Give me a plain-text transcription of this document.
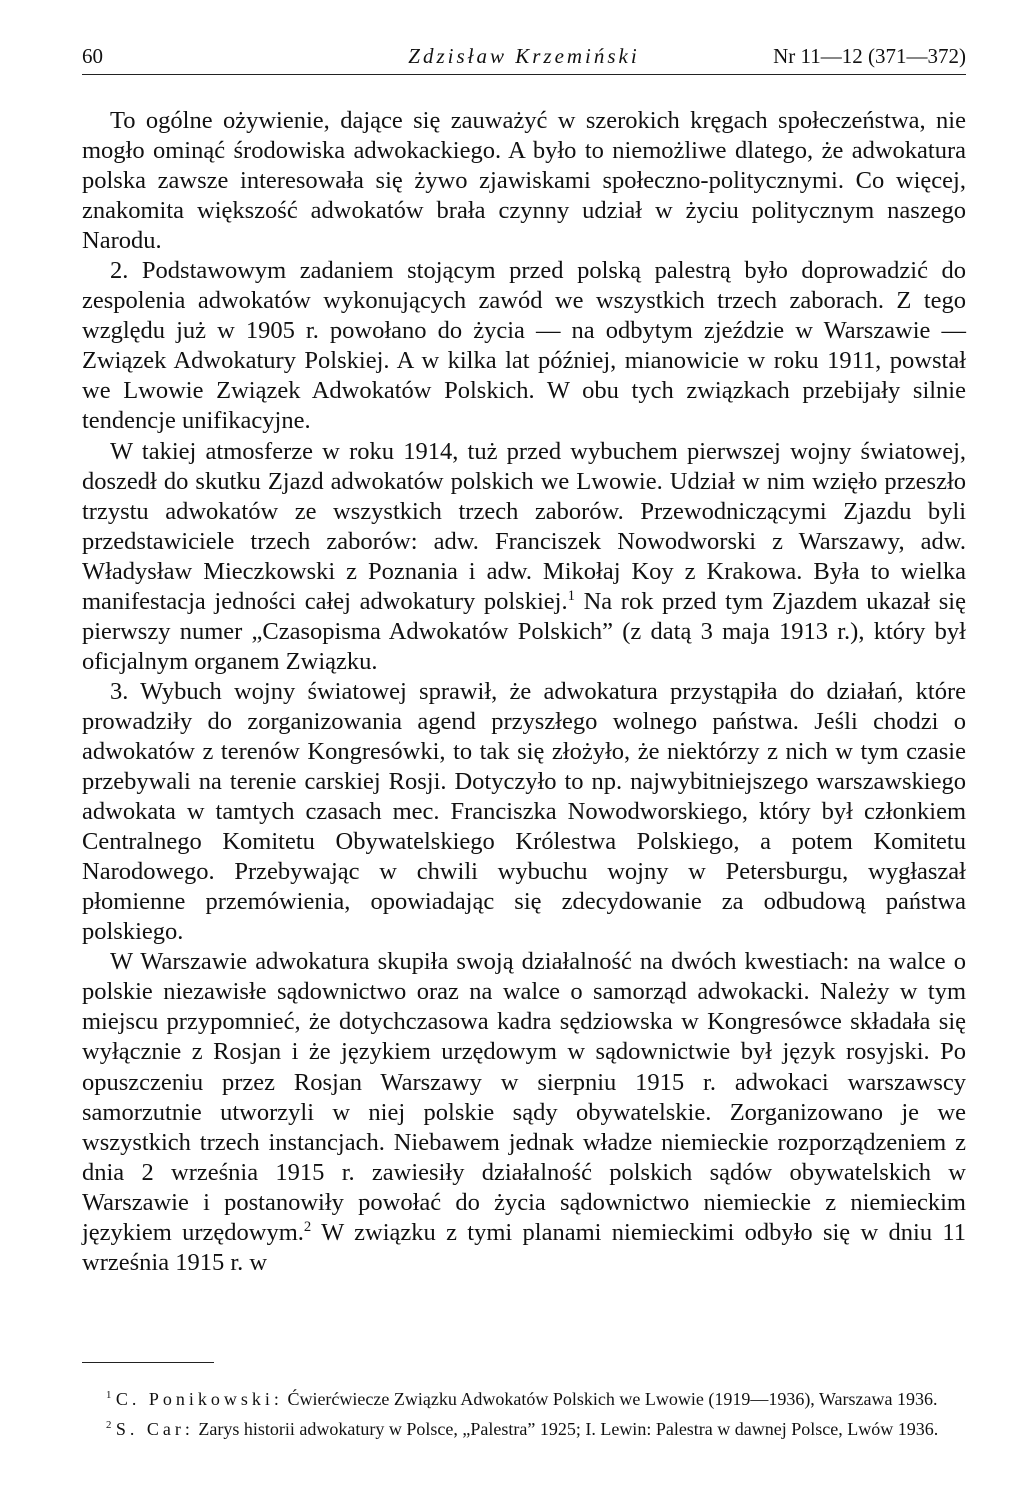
60	Zdzisław Krzemiński	Nr 11—12 (371—372)

To ogólne ożywienie, dające się zauważyć w szerokich kręgach społeczeństwa, nie mogło ominąć środowiska adwokackiego. A było to niemożliwe dlatego, że adwokatura polska zawsze interesowała się żywo zjawiskami społeczno-politycznymi. Co więcej, znakomita większość adwokatów brała czynny udział w życiu politycznym naszego Narodu.

2. Podstawowym zadaniem stojącym przed polską palestrą było doprowadzić do zespolenia adwokatów wykonujących zawód we wszystkich trzech zaborach. Z tego względu już w 1905 r. powołano do życia — na odbytym zjeździe w Warszawie — Związek Adwokatury Polskiej. A w kilka lat później, mianowicie w roku 1911, powstał we Lwowie Związek Adwokatów Polskich. W obu tych związkach przebijały silnie tendencje unifikacyjne.

W takiej atmosferze w roku 1914, tuż przed wybuchem pierwszej wojny światowej, doszedł do skutku Zjazd adwokatów polskich we Lwowie. Udział w nim wzięło przeszło trzystu adwokatów ze wszystkich trzech zaborów. Przewodniczącymi Zjazdu byli przedstawiciele trzech zaborów: adw. Franciszek Nowodworski z Warszawy, adw. Władysław Mieczkowski z Poznania i adw. Mikołaj Koy z Krakowa. Była to wielka manifestacja jedności całej adwokatury polskiej.$^1$ Na rok przed tym Zjazdem ukazał się pierwszy numer „Czasopisma Adwokatów Polskich” (z datą 3 maja 1913 r.), który był oficjalnym organem Związku.

3. Wybuch wojny światowej sprawił, że adwokatura przystąpiła do działań, które prowadziły do zorganizowania agend przyszłego wolnego państwa. Jeśli chodzi o adwokatów z terenów Kongresówki, to tak się złożyło, że niektórzy z nich w tym czasie przebywali na terenie carskiej Rosji. Dotyczyło to np. najwybitniejszego warszawskiego adwokata w tamtych czasach mec. Franciszka Nowodworskiego, który był członkiem Centralnego Komitetu Obywatelskiego Królestwa Polskiego, a potem Komitetu Narodowego. Przebywając w chwili wybuchu wojny w Petersburgu, wygłaszał płomienne przemówienia, opowiadając się zdecydowanie za odbudową państwa polskiego.

W Warszawie adwokatura skupiła swoją działalność na dwóch kwestiach: na walce o polskie niezawisłe sądownictwo oraz na walce o samorząd adwokacki. Należy w tym miejscu przypomnieć, że dotychczasowa kadra sędziowska w Kongresówce składała się wyłącznie z Rosjan i że językiem urzędowym w sądownictwie był język rosyjski. Po opuszczeniu przez Rosjan Warszawy w sierpniu 1915 r. adwokaci warszawscy samorzutnie utworzyli w niej polskie sądy obywatelskie. Zorganizowano je we wszystkich trzech instancjach. Niebawem jednak władze niemieckie rozporządzeniem z dnia 2 września 1915 r. zawiesiły działalność polskich sądów obywatelskich w Warszawie i postanowiły powołać do życia sądownictwo niemieckie z niemieckim językiem urzędowym.$^2$ W związku z tymi planami niemieckimi odbyło się w dniu 11 września 1915 r. w

$^1$ C. Ponikowski: Ćwierćwiecze Związku Adwokatów Polskich we Lwowie (1919—1936), Warszawa 1936.

$^2$ S. Car: Zarys historii adwokatury w Polsce, „Palestra” 1925; I. Lewin: Palestra w dawnej Polsce, Lwów 1936.
